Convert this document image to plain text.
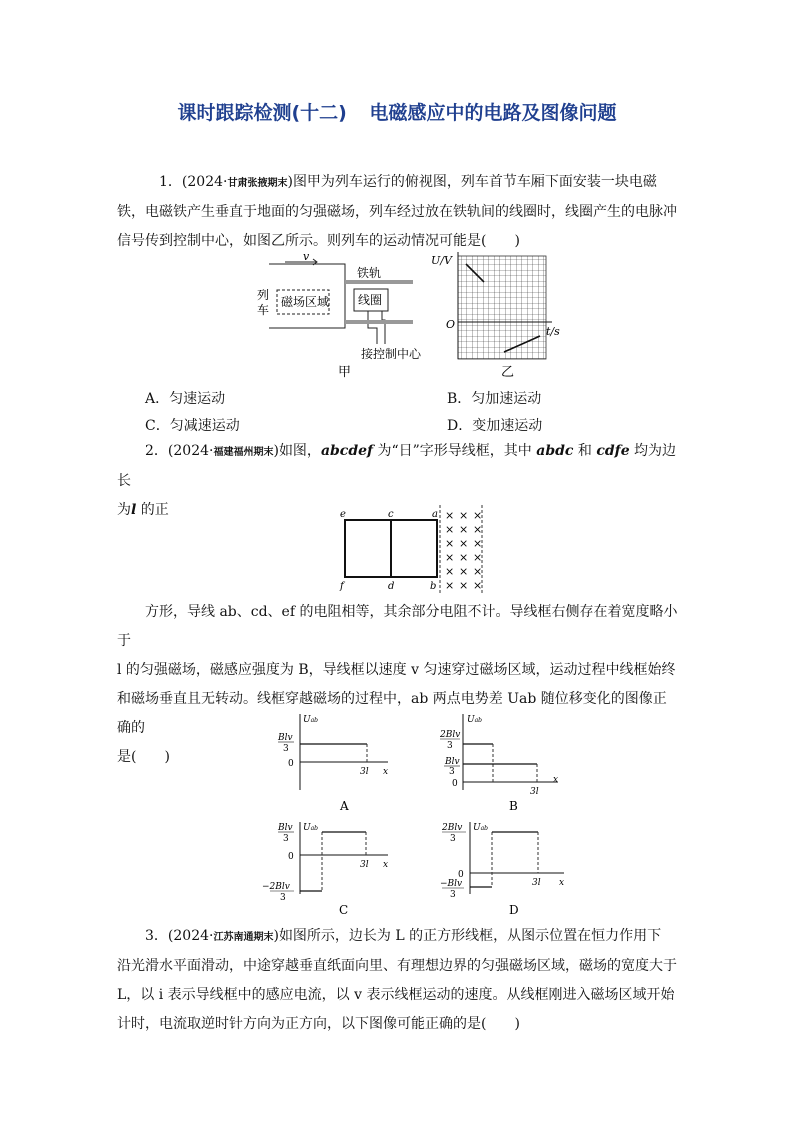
课时跟踪检测(十二) 电磁感应中的电路及图像问题
1．(2024·甘肃张掖期末)图甲为列车运行的俯视图，列车首节车厢下面安装一块电磁
铁，电磁铁产生垂直于地面的匀强磁场，列车经过放在铁轨间的线圈时，线圈产生的电脉冲
信号传到控制中心，如图乙所示。则列车的运动情况可能是(　　)
v
列
车
磁场区域
铁轨
线圈
接控制中心
甲
U/V
t/s
O
乙
A．匀速运动	B．匀加速运动
C．匀减速运动	D．变加速运动
2．(2024·福建福州期末)如图，abcdef 为“日”字形导线框，其中 abdc 和 cdfe 均为边长
为l 的正	× × ×
× × ×
× × ×
× × ×
× × ×
× × ×
e	c	a
f	d	b
方形，导线 ab、cd、ef 的电阻相等，其余部分电阻不计。导线框右侧存在着宽度略小于
l 的匀强磁场，磁感应强度为 B，导线框以速度 v 匀速穿过磁场区域，运动过程中线框始终
和磁场垂直且无转动。线框穿越磁场的过程中，ab 两点电势差 Uab 随位移变化的图像正确的
是(　　)
Uab
Blv
3
0
3l x
A
Uab
2Blv
3
Blv
3
0
3l
x
B
Uab
Blv
3
0
−2Blv
3
3l x
C
Uab
2Blv
3
0
−Blv
3
3l x
D
3．(2024·江苏南通期末)如图所示，边长为 L 的正方形线框，从图示位置在恒力作用下
沿光滑水平面滑动，中途穿越垂直纸面向里、有理想边界的匀强磁场区域，磁场的宽度大于
L，以 i 表示导线框中的感应电流，以 v 表示线框运动的速度。从线框刚进入磁场区域开始
计时，电流取逆时针方向为正方向，以下图像可能正确的是(　　)
